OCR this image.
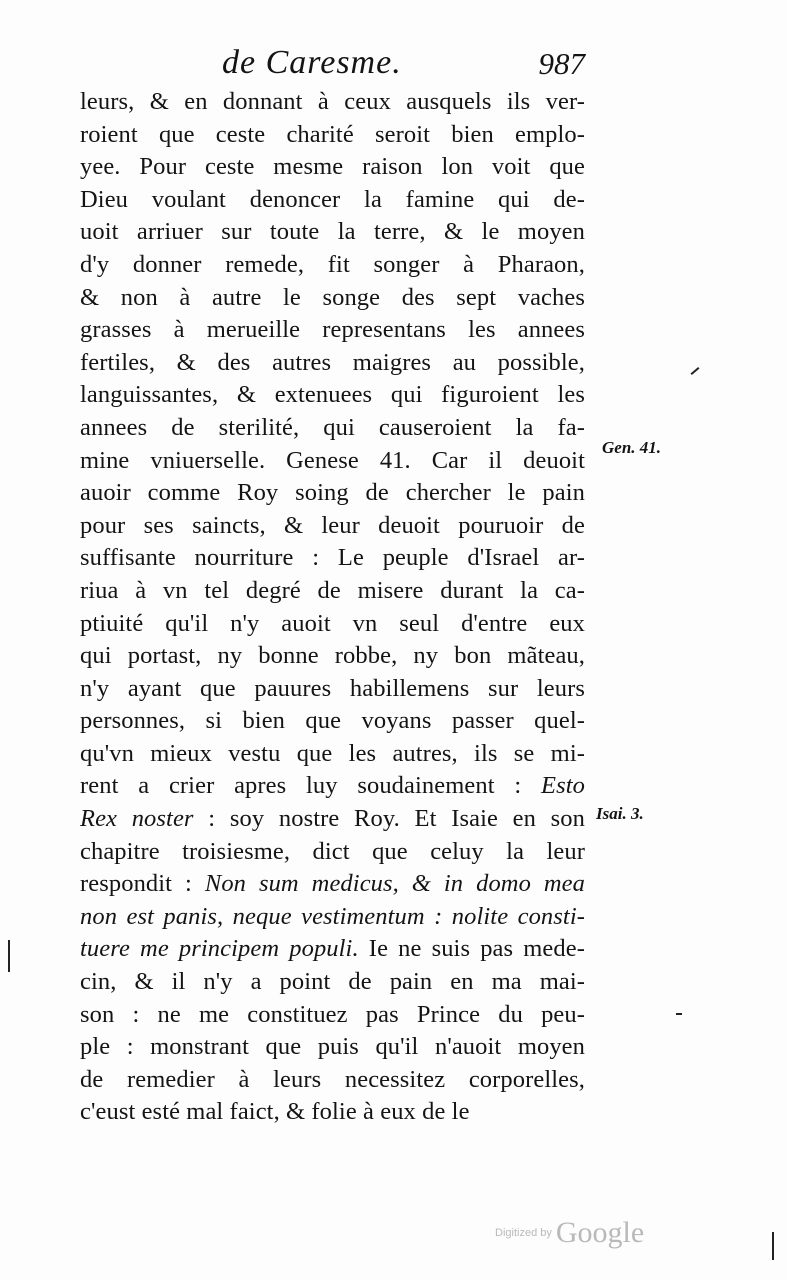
de Caresme.	987
leurs, & en donnant à ceux ausquels ils ver-
roient que ceste charité seroit bien emplo-
yee. Pour ceste mesme raison lon voit que
Dieu voulant denoncer la famine qui de-
uoit arriuer sur toute la terre, & le moyen
d'y donner remede, fit songer à Pharaon,
& non à autre le songe des sept vaches
grasses à merueille representans les annees
fertiles, & des autres maigres au possible,
languissantes, & extenuees qui figuroient les
annees de sterilité, qui causeroient la fa-
mine vniuerselle. Genese 41. Car il deuoit
auoir comme Roy soing de chercher le pain
pour ses saincts, & leur deuoit pouruoir de
suffisante nourriture : Le peuple d'Israel ar-
riua à vn tel degré de misere durant la ca-
ptiuité qu'il n'y auoit vn seul d'entre eux
qui portast, ny bonne robbe, ny bon mãteau,
n'y ayant que pauures habillemens sur leurs
personnes, si bien que voyans passer quel-
qu'vn mieux vestu que les autres, ils se mi-
rent a crier apres luy soudainement : Esto
Rex noster : soy nostre Roy. Et Isaie en son
chapitre troisiesme, dict que celuy la leur
respondit : Non sum medicus, & in domo mea
non est panis, neque vestimentum : nolite consti-
tuere me principem populi. Ie ne suis pas mede-
cin, & il n'y a point de pain en ma mai-
son : ne me constituez pas Prince du peu-
ple : monstrant que puis qu'il n'auoit moyen
de remedier à leurs necessitez corporelles,
c'eust esté mal faict, & folie à eux de le
Gen. 41.
Isai. 3.
Digitized by Google
